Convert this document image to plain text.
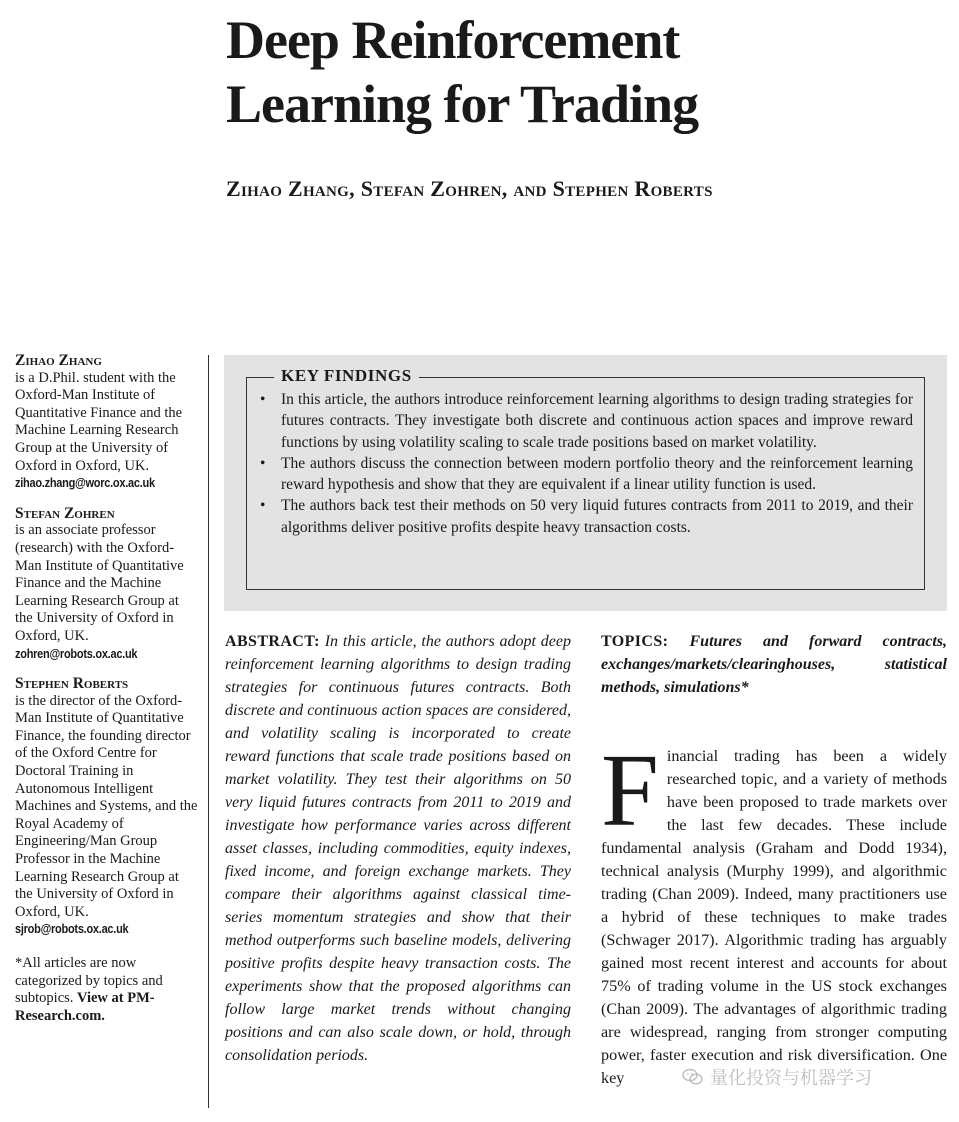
Deep Reinforcement
Learning for Trading
Zihao Zhang, Stefan Zohren, and Stephen Roberts
Zihao Zhang
is a D.Phil. student with the Oxford-Man Institute of Quantitative Finance and the Machine Learning Research Group at the University of Oxford in Oxford, UK.
zihao.zhang@worc.ox.ac.uk
Stefan Zohren
is an associate professor (research) with the Oxford-Man Institute of Quantitative Finance and the Machine Learning Research Group at the University of Oxford in Oxford, UK.
zohren@robots.ox.ac.uk
Stephen Roberts
is the director of the Oxford-Man Institute of Quantitative Finance, the founding director of the Oxford Centre for Doctoral Training in Autonomous Intelligent Machines and Systems, and the Royal Academy of Engineering/Man Group Professor in the Machine Learning Research Group at the University of Oxford in Oxford, UK.
sjrob@robots.ox.ac.uk
*All articles are now categorized by topics and subtopics. View at PM-Research.com.
KEY FINDINGS
• In this article, the authors introduce reinforcement learning algorithms to design trading strategies for futures contracts. They investigate both discrete and continuous action spaces and improve reward functions by using volatility scaling to scale trade positions based on market volatility.
• The authors discuss the connection between modern portfolio theory and the reinforcement learning reward hypothesis and show that they are equivalent if a linear utility function is used.
• The authors back test their methods on 50 very liquid futures contracts from 2011 to 2019, and their algorithms deliver positive profits despite heavy transaction costs.
ABSTRACT: In this article, the authors adopt deep reinforcement learning algorithms to design trading strategies for continuous futures contracts. Both discrete and continuous action spaces are considered, and volatility scaling is incorporated to create reward functions that scale trade positions based on market volatility. They test their algorithms on 50 very liquid futures contracts from 2011 to 2019 and investigate how performance varies across different asset classes, including commodities, equity indexes, fixed income, and foreign exchange markets. They compare their algorithms against classical time-series momentum strategies and show that their method outperforms such baseline models, delivering positive profits despite heavy transaction costs. The experiments show that the proposed algorithms can follow large market trends without changing positions and can also scale down, or hold, through consolidation periods.
TOPICS: Futures and forward contracts, exchanges/markets/clearinghouses, statistical methods, simulations*

Financial trading has been a widely researched topic, and a variety of methods have been proposed to trade markets over the last few decades. These include fundamental analysis (Graham and Dodd 1934), technical analysis (Murphy 1999), and algorithmic trading (Chan 2009). Indeed, many practitioners use a hybrid of these techniques to make trades (Schwager 2017). Algorithmic trading has arguably gained most recent interest and accounts for about 75% of trading volume in the US stock exchanges (Chan 2009). The advantages of algorithmic trading are widespread, ranging from stronger computing power, faster execution and risk diversification. One key	量化投资与机器学习
